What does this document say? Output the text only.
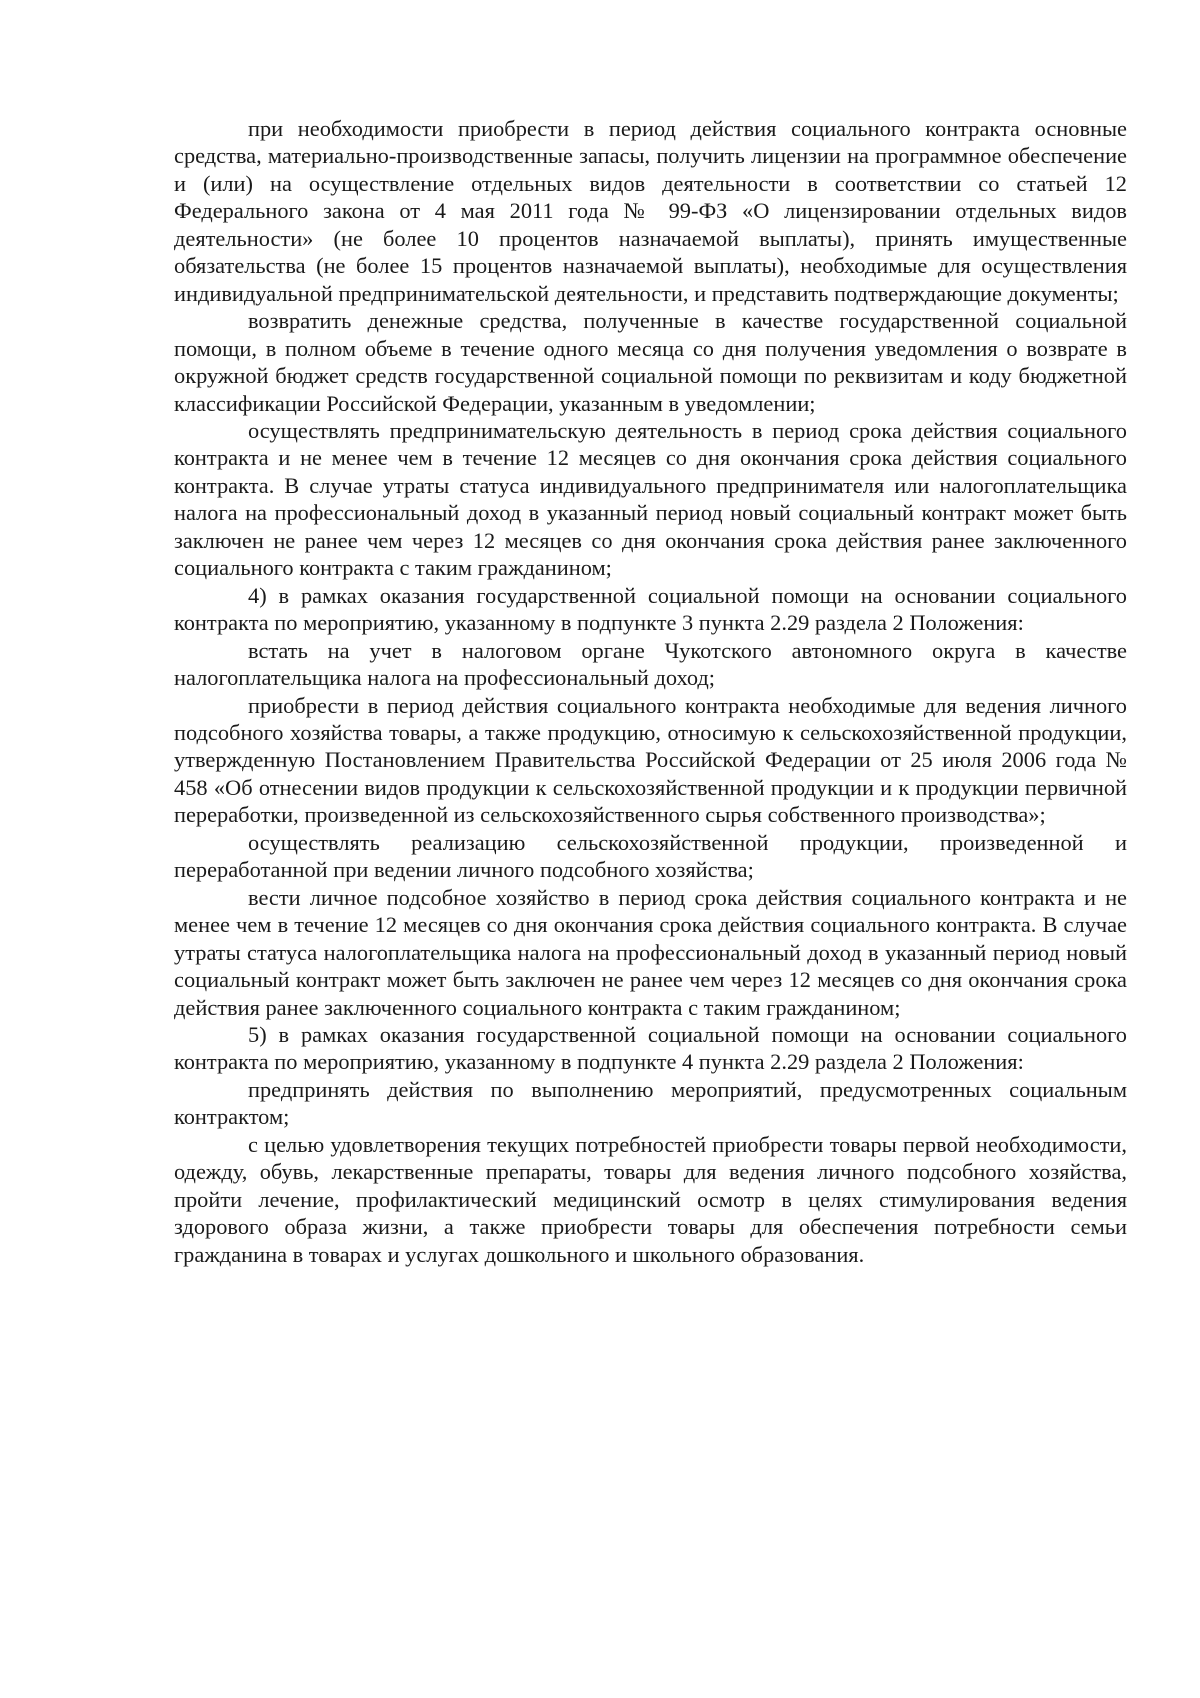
при необходимости приобрести в период действия социального контракта основные средства, материально-производственные запасы, получить лицензии на программное обеспечение и (или) на осуществление отдельных видов деятельности в соответствии со статьей 12 Федерального закона от 4 мая 2011 года № 99-ФЗ «О лицензировании отдельных видов деятельности» (не более 10 процентов назначаемой выплаты), принять имущественные обязательства (не более 15 процентов назначаемой выплаты), необходимые для осуществления индивидуальной предпринимательской деятельности, и представить подтверждающие документы;

возвратить денежные средства, полученные в качестве государственной социальной помощи, в полном объеме в течение одного месяца со дня получения уведомления о возврате в окружной бюджет средств государственной социальной помощи по реквизитам и коду бюджетной классификации Российской Федерации, указанным в уведомлении;

осуществлять предпринимательскую деятельность в период срока действия социального контракта и не менее чем в течение 12 месяцев со дня окончания срока действия социального контракта. В случае утраты статуса индивидуального предпринимателя или налогоплательщика налога на профессиональный доход в указанный период новый социальный контракт может быть заключен не ранее чем через 12 месяцев со дня окончания срока действия ранее заключенного социального контракта с таким гражданином;

4) в рамках оказания государственной социальной помощи на основании социального контракта по мероприятию, указанному в подпункте 3 пункта 2.29 раздела 2 Положения:

встать на учет в налоговом органе Чукотского автономного округа в качестве налогоплательщика налога на профессиональный доход;

приобрести в период действия социального контракта необходимые для ведения личного подсобного хозяйства товары, а также продукцию, относимую к сельскохозяйственной продукции, утвержденную Постановлением Правительства Российской Федерации от 25 июля 2006 года № 458 «Об отнесении видов продукции к сельскохозяйственной продукции и к продукции первичной переработки, произведенной из сельскохозяйственного сырья собственного производства»;

осуществлять реализацию сельскохозяйственной продукции, произведенной и переработанной при ведении личного подсобного хозяйства;

вести личное подсобное хозяйство в период срока действия социального контракта и не менее чем в течение 12 месяцев со дня окончания срока действия социального контракта. В случае утраты статуса налогоплательщика налога на профессиональный доход в указанный период новый социальный контракт может быть заключен не ранее чем через 12 месяцев со дня окончания срока действия ранее заключенного социального контракта с таким гражданином;

5) в рамках оказания государственной социальной помощи на основании социального контракта по мероприятию, указанному в подпункте 4 пункта 2.29 раздела 2 Положения:

предпринять действия по выполнению мероприятий, предусмотренных социальным контрактом;

с целью удовлетворения текущих потребностей приобрести товары первой необходимости, одежду, обувь, лекарственные препараты, товары для ведения личного подсобного хозяйства, пройти лечение, профилактический медицинский осмотр в целях стимулирования ведения здорового образа жизни, а также приобрести товары для обеспечения потребности семьи гражданина в товарах и услугах дошкольного и школьного образования.
